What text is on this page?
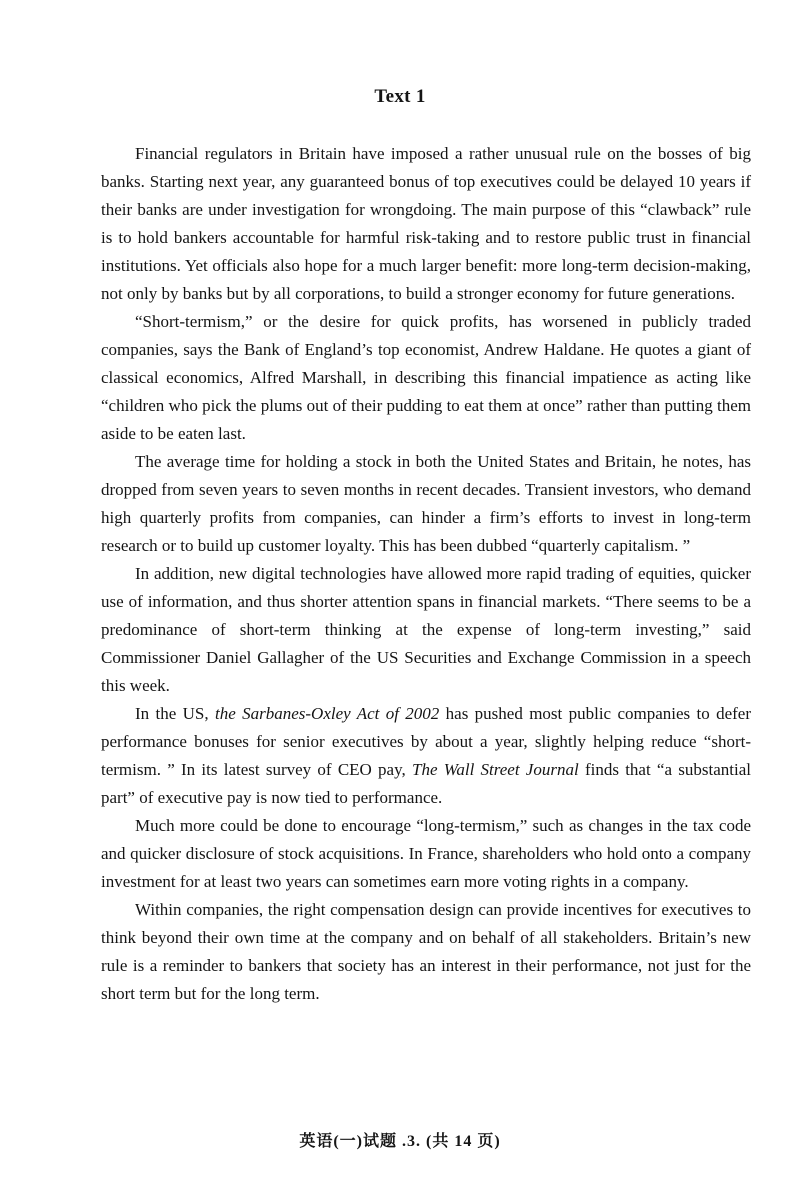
Text 1

Financial regulators in Britain have imposed a rather unusual rule on the bosses of big banks. Starting next year, any guaranteed bonus of top executives could be delayed 10 years if their banks are under investigation for wrongdoing. The main purpose of this “clawback” rule is to hold bankers accountable for harmful risk-taking and to restore public trust in financial institutions. Yet officials also hope for a much larger benefit: more long-term decision-making, not only by banks but by all corporations, to build a stronger economy for future generations.

“Short-termism,” or the desire for quick profits, has worsened in publicly traded companies, says the Bank of England’s top economist, Andrew Haldane. He quotes a giant of classical economics, Alfred Marshall, in describing this financial impatience as acting like “children who pick the plums out of their pudding to eat them at once” rather than putting them aside to be eaten last.

The average time for holding a stock in both the United States and Britain, he notes, has dropped from seven years to seven months in recent decades. Transient investors, who demand high quarterly profits from companies, can hinder a firm’s efforts to invest in long-term research or to build up customer loyalty. This has been dubbed “quarterly capitalism. ”

In addition, new digital technologies have allowed more rapid trading of equities, quicker use of information, and thus shorter attention spans in financial markets. “There seems to be a predominance of short-term thinking at the expense of long-term investing,” said Commissioner Daniel Gallagher of the US Securities and Exchange Commission in a speech this week.

In the US, the Sarbanes-Oxley Act of 2002 has pushed most public companies to defer performance bonuses for senior executives by about a year, slightly helping reduce “short-termism. ” In its latest survey of CEO pay, The Wall Street Journal finds that “a substantial part” of executive pay is now tied to performance.

Much more could be done to encourage “long-termism,” such as changes in the tax code and quicker disclosure of stock acquisitions. In France, shareholders who hold onto a company investment for at least two years can sometimes earn more voting rights in a company.

Within companies, the right compensation design can provide incentives for executives to think beyond their own time at the company and on behalf of all stakeholders. Britain’s new rule is a reminder to bankers that society has an interest in their performance, not just for the short term but for the long term.

英语(一)试题 .3. (共 14 页)
